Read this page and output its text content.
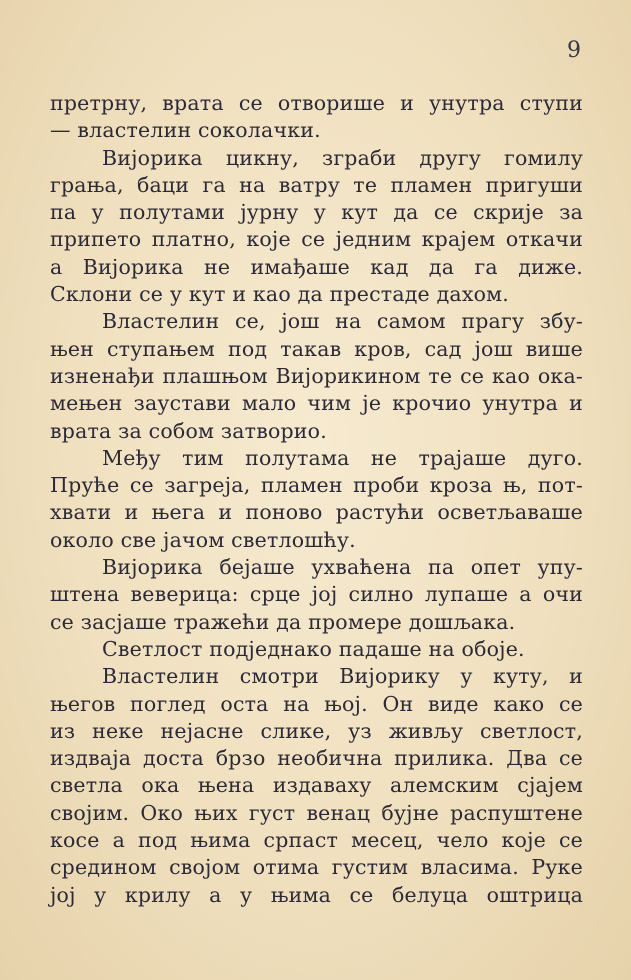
9
претрну, врата се отворише и унутра ступи
— властелин соколачки.
Вијорика цикну, зграби другу гомилу
грања, баци га на ватру те пламен пригуши
па у полутами јурну у кут да се скрије за
припето платно, које се једним крајем откачи
а Вијорика не имађаше кад да га диже.
Склони се у кут и као да престаде дахом.
Властелин се, још на самом прагу збу-
њен ступањем под такав кров, сад још више
изненађи плашњом Вијорикином те се као ока-
мењен заустави мало чим је крочио унутра и
врата за собом затворио.
Међу тим полутама не трајаше дуго.
Пруће се загреја, пламен проби кроза њ, пот-
хвати и њега и поново растући осветљаваше
около све јачом светлошћу.
Вијорика бејаше ухваћена па опет упу-
штена веверица: срце јој силно лупаше а очи
се засјаше тражећи да промере дошљака.
Светлост подједнако падаше на обоје.
Властелин смотри Вијорику у куту, и
његов поглед оста на њој. Он виде како се
из неке нејасне слике, уз живљу светлост,
издваја доста брзо необична прилика. Два се
светла ока њена издаваху алемским сјајем
својим. Око њих густ венац бујне распуштене
косе а под њима српаст месец, чело које се
средином својом отима густим власима. Руке
јој у крилу а у њима се белуца оштрица
